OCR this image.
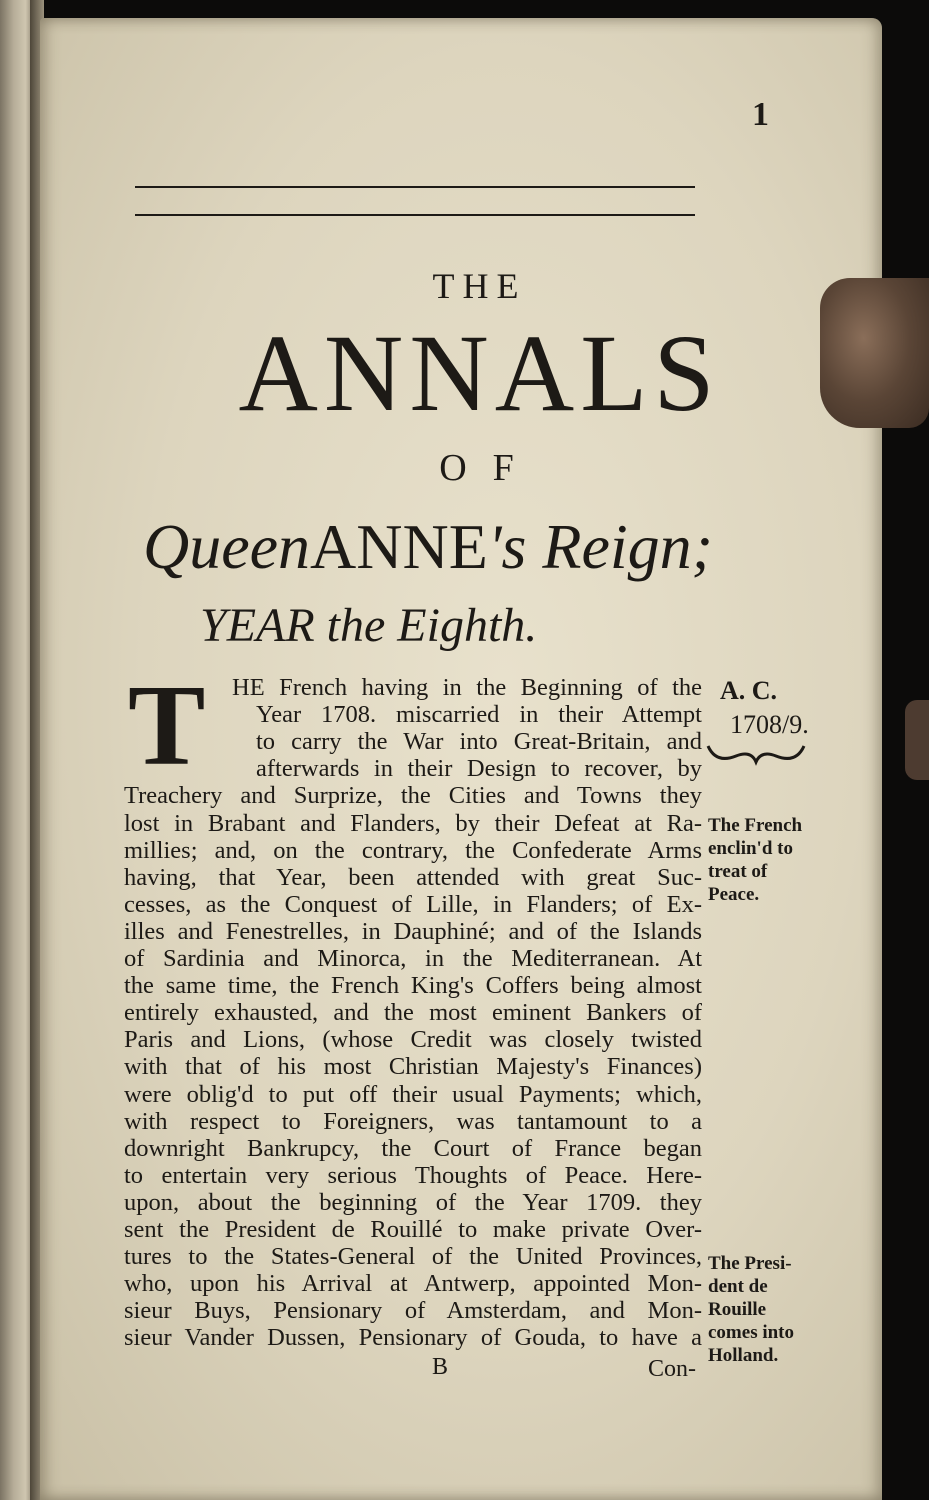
1
THE
ANNALS
OF
QueenANNE's Reign;
YEAR the Eighth.
A. C.
1708/9.
T HE French having in the Beginning of the
Year 1708. miscarried in their Attempt
to carry the War into Great-Britain, and
afterwards in their Design to recover, by
Treachery and Surprize, the Cities and Towns they
lost in Brabant and Flanders, by their Defeat at Ra-
millies; and, on the contrary, the Confederate Arms
having, that Year, been attended with great Suc-
cesses, as the Conquest of Lille, in Flanders; of Ex-
illes and Fenestrelles, in Dauphiné; and of the Islands
of Sardinia and Minorca, in the Mediterranean. At
the same time, the French King's Coffers being almost
entirely exhausted, and the most eminent Bankers of
Paris and Lions, (whose Credit was closely twisted
with that of his most Christian Majesty's Finances)
were oblig'd to put off their usual Payments; which,
with respect to Foreigners, was tantamount to a
downright Bankrupcy, the Court of France began
to entertain very serious Thoughts of Peace. Here-
upon, about the beginning of the Year 1709. they
sent the President de Rouillé to make private Over-
tures to the States-General of the United Provinces,
who, upon his Arrival at Antwerp, appointed Mon-
sieur Buys, Pensionary of Amsterdam, and Mon-
sieur Vander Dussen, Pensionary of Gouda, to have a
The French
enclin'd to
treat of
Peace.
The Presi-
dent de
Rouille
comes into
Holland.
B	Con-
